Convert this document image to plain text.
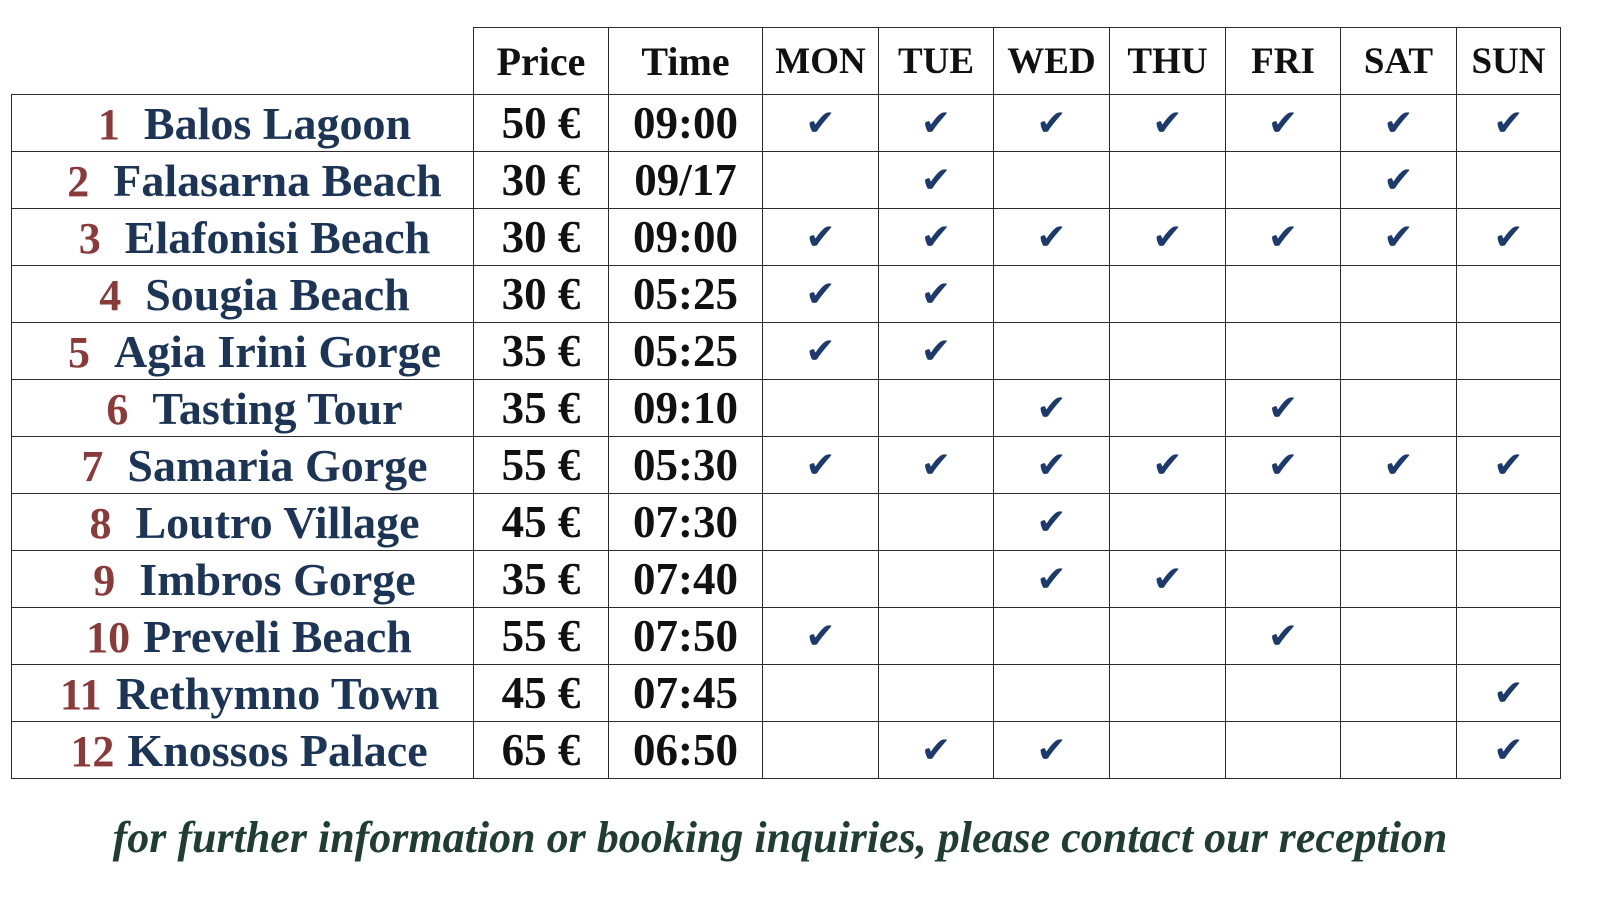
	Price	Time	MON	TUE	WED	THU	FRI	SAT	SUN
1 Balos Lagoon	50 €	09:00	✔	✔	✔	✔	✔	✔	✔
2 Falasarna Beach	30 €	09/17		✔				✔	
3 Elafonisi Beach	30 €	09:00	✔	✔	✔	✔	✔	✔	✔
4 Sougia Beach	30 €	05:25	✔	✔					
5 Agia Irini Gorge	35 €	05:25	✔	✔					
6 Tasting Tour	35 €	09:10			✔		✔		
7 Samaria Gorge	55 €	05:30	✔	✔	✔	✔	✔	✔	✔
8 Loutro Village	45 €	07:30			✔				
9 Imbros Gorge	35 €	07:40			✔	✔			
10 Preveli Beach	55 €	07:50	✔				✔		
11 Rethymno Town	45 €	07:45							✔
12 Knossos Palace	65 €	06:50		✔	✔				✔
for further information or booking inquiries, please contact our reception
